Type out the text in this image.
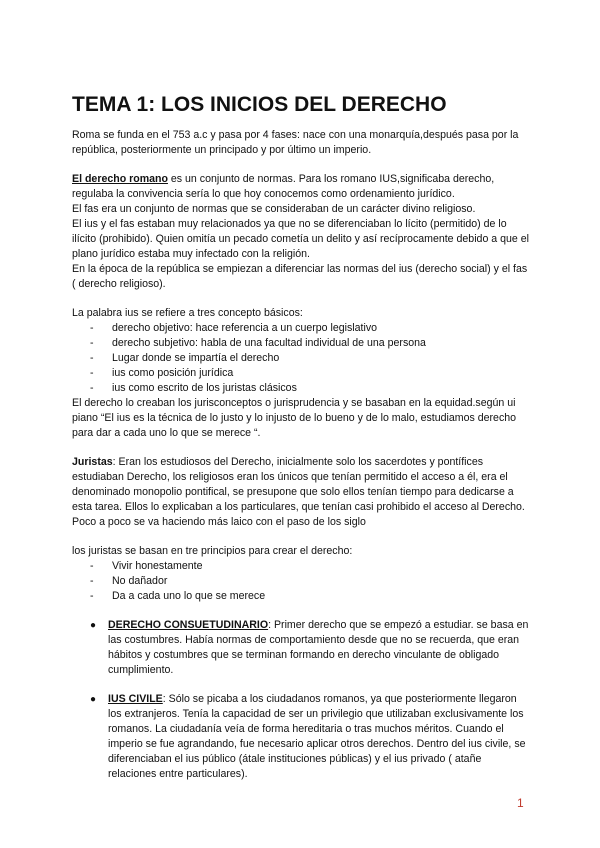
TEMA 1: LOS INICIOS DEL DERECHO

Roma se funda en el 753 a.c y pasa por 4 fases: nace con una monarquía,después pasa por la república, posteriormente un principado y por último un imperio.

El derecho romano es un conjunto de normas. Para los romano IUS,significaba derecho, regulaba la convivencia sería lo que hoy conocemos como ordenamiento jurídico.

El fas era un conjunto de normas que se consideraban de un carácter divino religioso.

El ius y el fas estaban muy relacionados ya que no se diferenciaban lo lícito (permitido) de lo ilícito (prohibido). Quien omitía un pecado cometía un delito y así recíprocamente debido a que el plano jurídico estaba muy infectado con la religión.

En la época de la república se empiezan a diferenciar las normas del ius (derecho social) y el fas ( derecho religioso).

La palabra ius se refiere a tres concepto básicos:

- derecho objetivo: hace referencia a un cuerpo legislativo
- derecho subjetivo: habla de una facultad individual de una persona
- Lugar donde se impartía el derecho
- ius como posición jurídica
- ius como escrito de los juristas clásicos

El derecho lo creaban los jurisconceptos o jurisprudencia y se basaban en la equidad.según ui piano “El ius es la técnica de lo justo y lo injusto de lo bueno y de lo malo, estudiamos derecho para dar a cada uno lo que se merece “.

Juristas: Eran los estudiosos del Derecho, inicialmente solo los sacerdotes y pontífices estudiaban Derecho, los religiosos eran los únicos que tenían permitido el acceso a él, era el denominado monopolio pontifical, se presupone que solo ellos tenían tiempo para dedicarse a esta tarea. Ellos lo explicaban a los particulares, que tenían casi prohibido el acceso al Derecho. Poco a poco se va haciendo más laico con el paso de los siglo

los juristas se basan en tre principios para crear el derecho:

- Vivir honestamente
- No dañador
- Da a cada uno lo que se merece
● DERECHO CONSUETUDINARIO: Primer derecho que se empezó a estudiar. se basa en las costumbres. Había normas de comportamiento desde que no se recuerda, que eran hábitos y costumbres que se terminan formando en derecho vinculante de obligado cumplimiento.
● IUS CIVILE: Sólo se picaba a los ciudadanos romanos, ya que posteriormente llegaron los extranjeros. Tenía la capacidad de ser un privilegio que utilizaban exclusivamente los romanos. La ciudadanía veía de forma hereditaria o tras muchos méritos. Cuando el imperio se fue agrandando, fue necesario aplicar otros derechos. Dentro del ius civile, se diferenciaban el ius público (átale instituciones públicas) y el ius privado ( atañe relaciones entre particulares).
1
